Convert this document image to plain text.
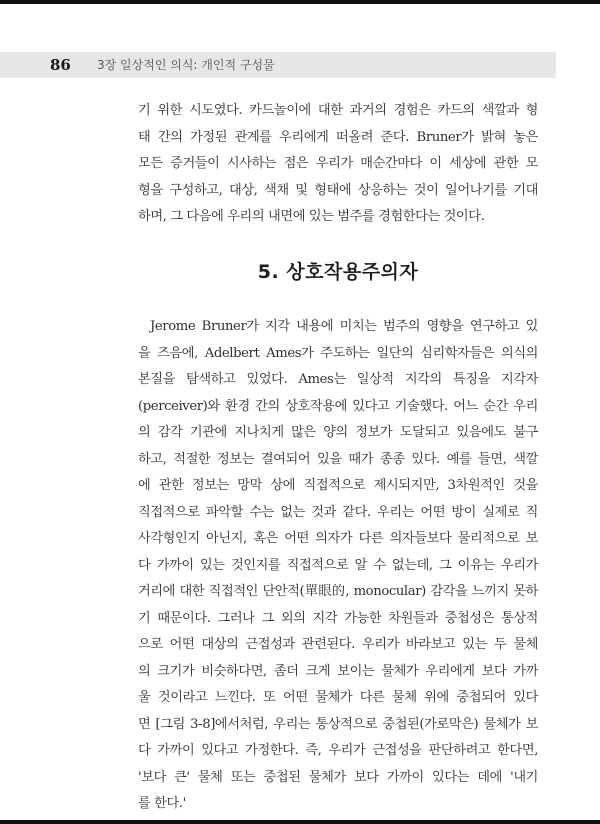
86 3장 일상적인 의식: 개인적 구성물
기 위한 시도였다. 카드놀이에 대한 과거의 경험은 카드의 색깔과 형
태 간의 가정된 관계를 우리에게 떠올려 준다. Bruner가 밝혀 놓은
모든 증거들이 시사하는 점은 우리가 매순간마다 이 세상에 관한 모
형을 구성하고, 대상, 색채 및 형태에 상응하는 것이 일어나기를 기대
하며, 그 다음에 우리의 내면에 있는 범주를 경험한다는 것이다.
5. 상호작용주의자
Jerome Bruner가 지각 내용에 미치는 범주의 영향을 연구하고 있
을 즈음에, Adelbert Ames가 주도하는 일단의 심리학자들은 의식의
본질을 탐색하고 있었다. Ames는 일상적 지각의 특징을 지각자
(perceiver)와 환경 간의 상호작용에 있다고 기술했다. 어느 순간 우리
의 감각 기관에 지나치게 많은 양의 정보가 도달되고 있음에도 불구
하고, 적절한 정보는 결여되어 있을 때가 종종 있다. 예를 들면, 색깔
에 관한 정보는 망막 상에 직접적으로 제시되지만, 3차원적인 것을
직접적으로 파악할 수는 없는 것과 같다. 우리는 어떤 방이 실제로 직
사각형인지 아닌지, 혹은 어떤 의자가 다른 의자들보다 물리적으로 보
다 가까이 있는 것인지를 직접적으로 알 수 없는데, 그 이유는 우리가
거리에 대한 직접적인 단안적(單眼的, monocular) 감각을 느끼지 못하
기 때문이다. 그러나 그 외의 지각 가능한 차원들과 중첩성은 통상적
으로 어떤 대상의 근접성과 관련된다. 우리가 바라보고 있는 두 물체
의 크기가 비슷하다면, 좀더 크게 보이는 물체가 우리에게 보다 가까
울 것이라고 느낀다. 또 어떤 물체가 다른 물체 위에 중첩되어 있다
면 [그림 3-8]에서처럼, 우리는 통상적으로 중첩된(가로막은) 물체가 보
다 가까이 있다고 가정한다. 즉, 우리가 근접성을 판단하려고 한다면,
'보다 큰' 물체 또는 중첩된 물체가 보다 가까이 있다는 데에 '내기
를 한다.'
